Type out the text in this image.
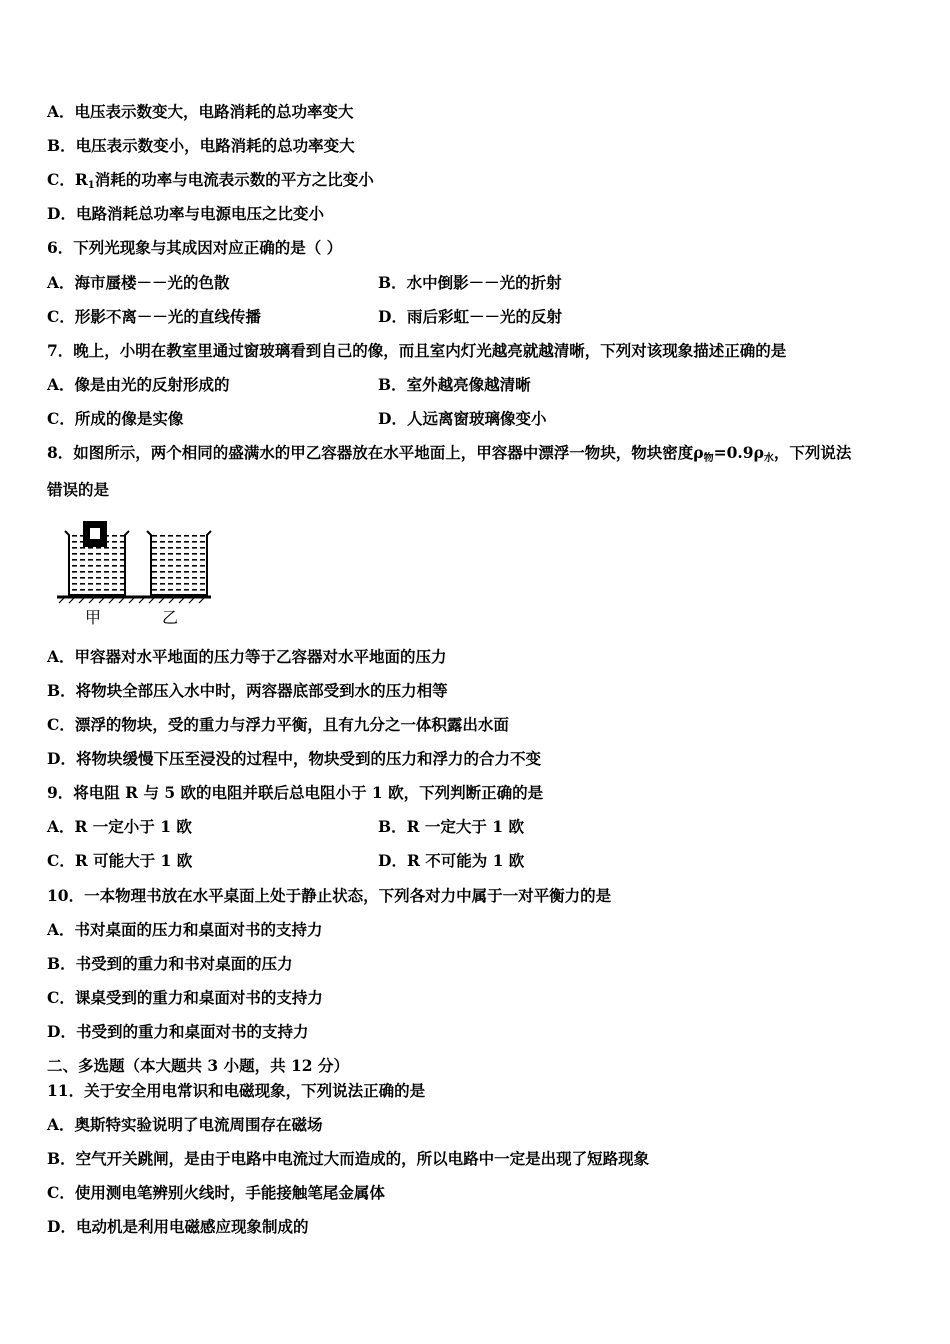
A．电压表示数变大，电路消耗的总功率变大
B．电压表示数变小，电路消耗的总功率变大
C．$R_1$消耗的功率与电流表示数的平方之比变小
D．电路消耗总功率与电源电压之比变小
6．下列光现象与其成因对应正确的是（ ）
A．海市蜃楼－－光的色散	B．水中倒影－－光的折射
C．形影不离－－光的直线传播	D．雨后彩虹－－光的反射
7．晚上，小明在教室里通过窗玻璃看到自己的像，而且室内灯光越亮就越清晰，下列对该现象描述正确的是
A．像是由光的反射形成的	B．室外越亮像越清晰
C．所成的像是实像	D．人远离窗玻璃像变小
8．如图所示，两个相同的盛满水的甲乙容器放在水平地面上，甲容器中漂浮一物块，物块密度$\rho_物=0.9\rho_水$，下列说法
错误的是
甲	乙
A．甲容器对水平地面的压力等于乙容器对水平地面的压力
B．将物块全部压入水中时，两容器底部受到水的压力相等
C．漂浮的物块，受的重力与浮力平衡，且有九分之一体积露出水面
D．将物块缓慢下压至浸没的过程中，物块受到的压力和浮力的合力不变
9．将电阻 R 与 5 欧的电阻并联后总电阻小于 1 欧，下列判断正确的是
A．R 一定小于 1 欧	B．R 一定大于 1 欧
C．R 可能大于 1 欧	D．R 不可能为 1 欧
10．一本物理书放在水平桌面上处于静止状态，下列各对力中属于一对平衡力的是
A．书对桌面的压力和桌面对书的支持力
B．书受到的重力和书对桌面的压力
C．课桌受到的重力和桌面对书的支持力
D．书受到的重力和桌面对书的支持力
二、多选题（本大题共 3 小题，共 12 分）
11．关于安全用电常识和电磁现象，下列说法正确的是
A．奥斯特实验说明了电流周围存在磁场
B．空气开关跳闸，是由于电路中电流过大而造成的，所以电路中一定是出现了短路现象
C．使用测电笔辨别火线时，手能接触笔尾金属体
D．电动机是利用电磁感应现象制成的
